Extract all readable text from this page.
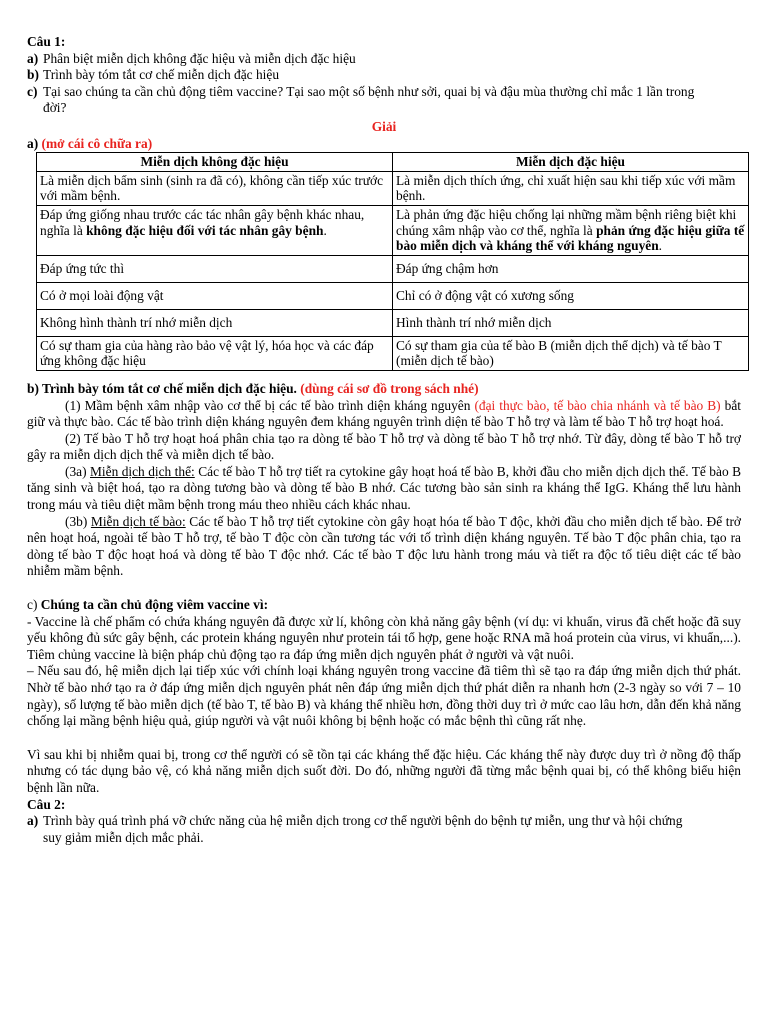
Câu 1:
a) Phân biệt miễn dịch không đặc hiệu và miễn dịch đặc hiệu
b) Trình bày tóm tắt cơ chế miễn dịch đặc hiệu
c) Tại sao chúng ta cần chủ động tiêm vaccine? Tại sao một số bệnh như sởi, quai bị và đậu mùa thường chỉ mắc 1 lần trong đời?
Giải
a) (mở cái cô chữa ra)
Miễn dịch không đặc hiệu	Miễn dịch đặc hiệu
Là miễn dịch bẩm sinh (sinh ra đã có), không cần tiếp xúc trước với mầm bệnh.	Là miễn dịch thích ứng, chỉ xuất hiện sau khi tiếp xúc với mầm bệnh.
Đáp ứng giống nhau trước các tác nhân gây bệnh khác nhau, nghĩa là không đặc hiệu đối với tác nhân gây bệnh.	Là phản ứng đặc hiệu chống lại những mầm bệnh riêng biệt khi chúng xâm nhập vào cơ thể, nghĩa là phản ứng đặc hiệu giữa tế bào miễn dịch và kháng thể với kháng nguyên.
Đáp ứng tức thì	Đáp ứng chậm hơn
Có ở mọi loài động vật	Chỉ có ở động vật có xương sống
Không hình thành trí nhớ miễn dịch	Hình thành trí nhớ miễn dịch
Có sự tham gia của hàng rào bảo vệ vật lý, hóa học và các đáp ứng không đặc hiệu	Có sự tham gia của tế bào B (miễn dịch thể dịch) và tế bào T (miễn dịch tế bào)
b) Trình bày tóm tắt cơ chế miễn dịch đặc hiệu. (dùng cái sơ đồ trong sách nhé)
(1) Mầm bệnh xâm nhập vào cơ thể bị các tế bào trình diện kháng nguyên (đại thực bào, tế bào chia nhánh và tế bào B) bắt giữ và thực bào. Các tế bào trình diện kháng nguyên đem kháng nguyên trình diện tế bào T hỗ trợ và làm tế bào T hỗ trợ hoạt hoá.
(2) Tế bào T hỗ trợ hoạt hoá phân chia tạo ra dòng tế bào T hỗ trợ và dòng tế bào T hỗ trợ nhớ. Từ đây, dòng tế bào T hỗ trợ gây ra miễn dịch dịch thể và miễn dịch tế bào.
(3a) Miễn dịch dịch thể: Các tế bào T hỗ trợ tiết ra cytokine gây hoạt hoá tế bào B, khởi đầu cho miễn dịch dịch thể. Tế bào B tăng sinh và biệt hoá, tạo ra dòng tương bào và dòng tế bào B nhớ. Các tương bào sản sinh ra kháng thể IgG. Kháng thể lưu hành trong máu và tiêu diệt mầm bệnh trong máu theo nhiều cách khác nhau.
(3b) Miễn dịch tế bào: Các tế bào T hỗ trợ tiết cytokine còn gây hoạt hóa tế bào T độc, khởi đầu cho miễn dịch tế bào. Để trở nên hoạt hoá, ngoài tế bào T hỗ trợ, tế bào T độc còn cần tương tác với tố trình diện kháng nguyên. Tế bào T độc phân chia, tạo ra dòng tế bào T độc hoạt hoá và dòng tế bào T độc nhớ. Các tế bào T độc lưu hành trong máu và tiết ra độc tố tiêu diệt các tế bào nhiễm mầm bệnh.
c) Chúng ta cần chủ động viêm vaccine vì:
- Vaccine là chế phẩm có chứa kháng nguyên đã được xử lí, không còn khả năng gây bệnh (ví dụ: vi khuẩn, virus đã chết hoặc đã suy yếu không đủ sức gây bệnh, các protein kháng nguyên như protein tái tổ hợp, gene hoặc RNA mã hoá protein của virus, vi khuẩn,...). Tiêm chủng vaccine là biện pháp chủ động tạo ra đáp ứng miễn dịch nguyên phát ở người và vật nuôi.
– Nếu sau đó, hệ miễn dịch lại tiếp xúc với chính loại kháng nguyên trong vaccine đã tiêm thì sẽ tạo ra đáp ứng miễn dịch thứ phát. Nhờ tế bào nhớ tạo ra ở đáp ứng miễn dịch nguyên phát nên đáp ứng miễn dịch thứ phát diễn ra nhanh hơn (2-3 ngày so với 7 – 10 ngày), số lượng tế bào miễn dịch (tế bào T, tế bào B) và kháng thể nhiều hơn, đồng thời duy trì ở mức cao lâu hơn, dẫn đến khả năng chống lại mầng bệnh hiệu quả, giúp người và vật nuôi không bị bệnh hoặc có mắc bệnh thì cũng rất nhẹ.
Vì sau khi bị nhiễm quai bị, trong cơ thể người có sẽ tồn tại các kháng thể đặc hiệu. Các kháng thể này được duy trì ở nồng độ thấp nhưng có tác dụng bảo vệ, có khả năng miễn dịch suốt đời. Do đó, những người đã từng mắc bệnh quai bị, có thể không biểu hiện bệnh lần nữa.
Câu 2:
a) Trình bày quá trình phá vỡ chức năng của hệ miễn dịch trong cơ thể người bệnh do bệnh tự miễn, ung thư và hội chứng suy giảm miễn dịch mắc phải.
